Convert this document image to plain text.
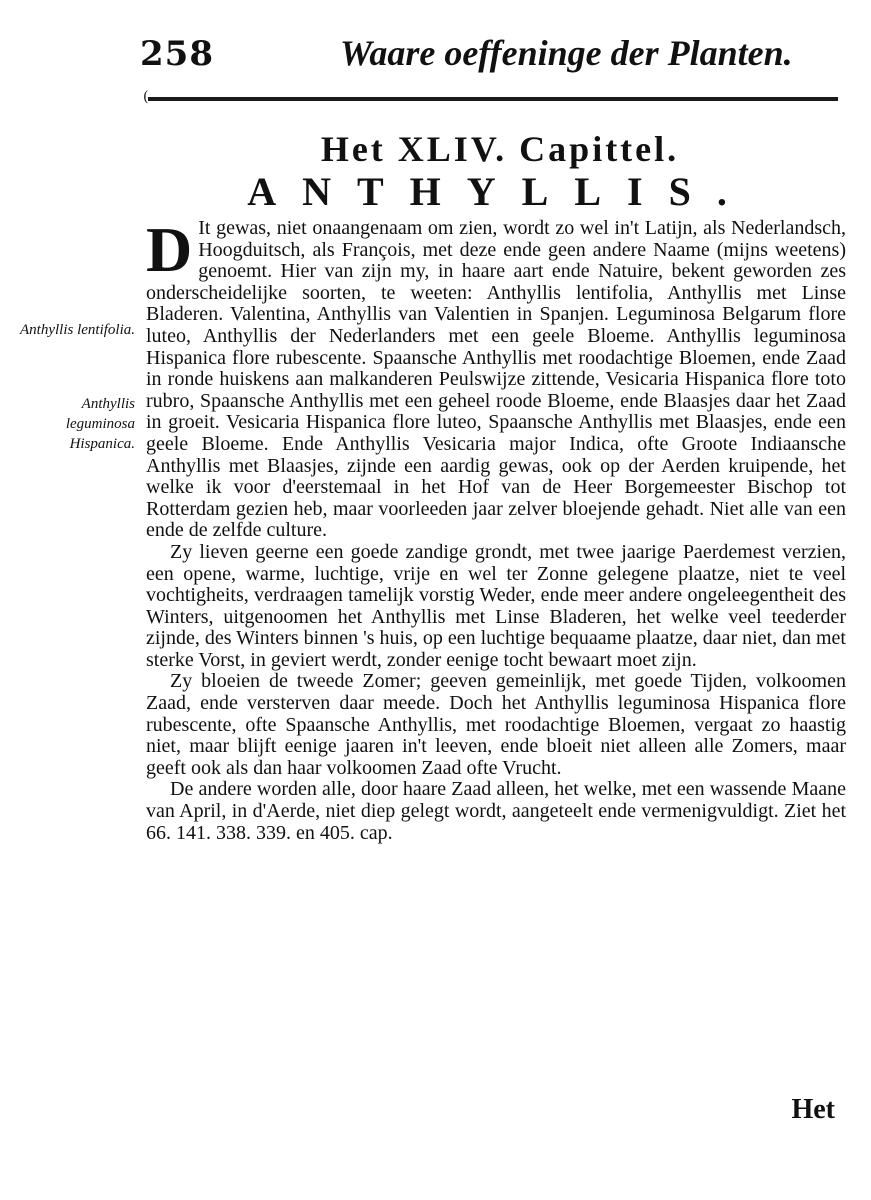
258	Waare oeffeninge der Planten.
(
Het XLIV. Capittel.
ANTHYLLIS.
Anthyllis lentifolia.
Anthyllis leguminosa Hispanica.

D It gewas, niet onaangenaam om zien, wordt zo wel in't Latijn, als Nederlandsch, Hoogduitsch, als François, met deze ende geen andere Naame (mijns weetens) genoemt. Hier van zijn my, in haare aart ende Natuire, bekent geworden zes onderscheidelijke soorten, te weeten: Anthyllis lentifolia, Anthyllis met Linse Bladeren. Valentina, Anthyllis van Valentien in Spanjen. Leguminosa Belgarum flore luteo, Anthyllis der Nederlanders met een geele Bloeme. Anthyllis leguminosa Hispanica flore rubescente. Spaansche Anthyllis met roodachtige Bloemen, ende Zaad in ronde huiskens aan malkanderen Peulswijze zittende, Vesicaria Hispanica flore toto rubro, Spaansche Anthyllis met een geheel roode Bloeme, ende Blaasjes daar het Zaad in groeit. Vesicaria Hispanica flore luteo, Spaansche Anthyllis met Blaasjes, ende een geele Bloeme. Ende Anthyllis Vesicaria major Indica, ofte Groote Indiaansche Anthyllis met Blaasjes, zijnde een aardig gewas, ook op der Aerden kruipende, het welke ik voor d'eerstemaal in het Hof van de Heer Borgemeester Bischop tot Rotterdam gezien heb, maar voorleeden jaar zelver bloejende gehadt. Niet alle van een ende de zelfde culture.

Zy lieven geerne een goede zandige grondt, met twee jaarige Paerdemest verzien, een opene, warme, luchtige, vrije en wel ter Zonne gelegene plaatze, niet te veel vochtigheits, verdraagen tamelijk vorstig Weder, ende meer andere ongeleegentheit des Winters, uitgenoomen het Anthyllis met Linse Bladeren, het welke veel teederder zijnde, des Winters binnen 's huis, op een luchtige bequaame plaatze, daar niet, dan met sterke Vorst, in geviert werdt, zonder eenige tocht bewaart moet zijn.

Zy bloeien de tweede Zomer; geeven gemeinlijk, met goede Tijden, volkoomen Zaad, ende versterven daar meede. Doch het Anthyllis leguminosa Hispanica flore rubescente, ofte Spaansche Anthyllis, met roodachtige Bloemen, vergaat zo haastig niet, maar blijft eenige jaaren in't leeven, ende bloeit niet alleen alle Zomers, maar geeft ook als dan haar volkoomen Zaad ofte Vrucht.

De andere worden alle, door haare Zaad alleen, het welke, met een wassende Maane van April, in d'Aerde, niet diep gelegt wordt, aangeteelt ende vermenigvuldigt. Ziet het 66. 141. 338. 339. en 405. cap.

Het
